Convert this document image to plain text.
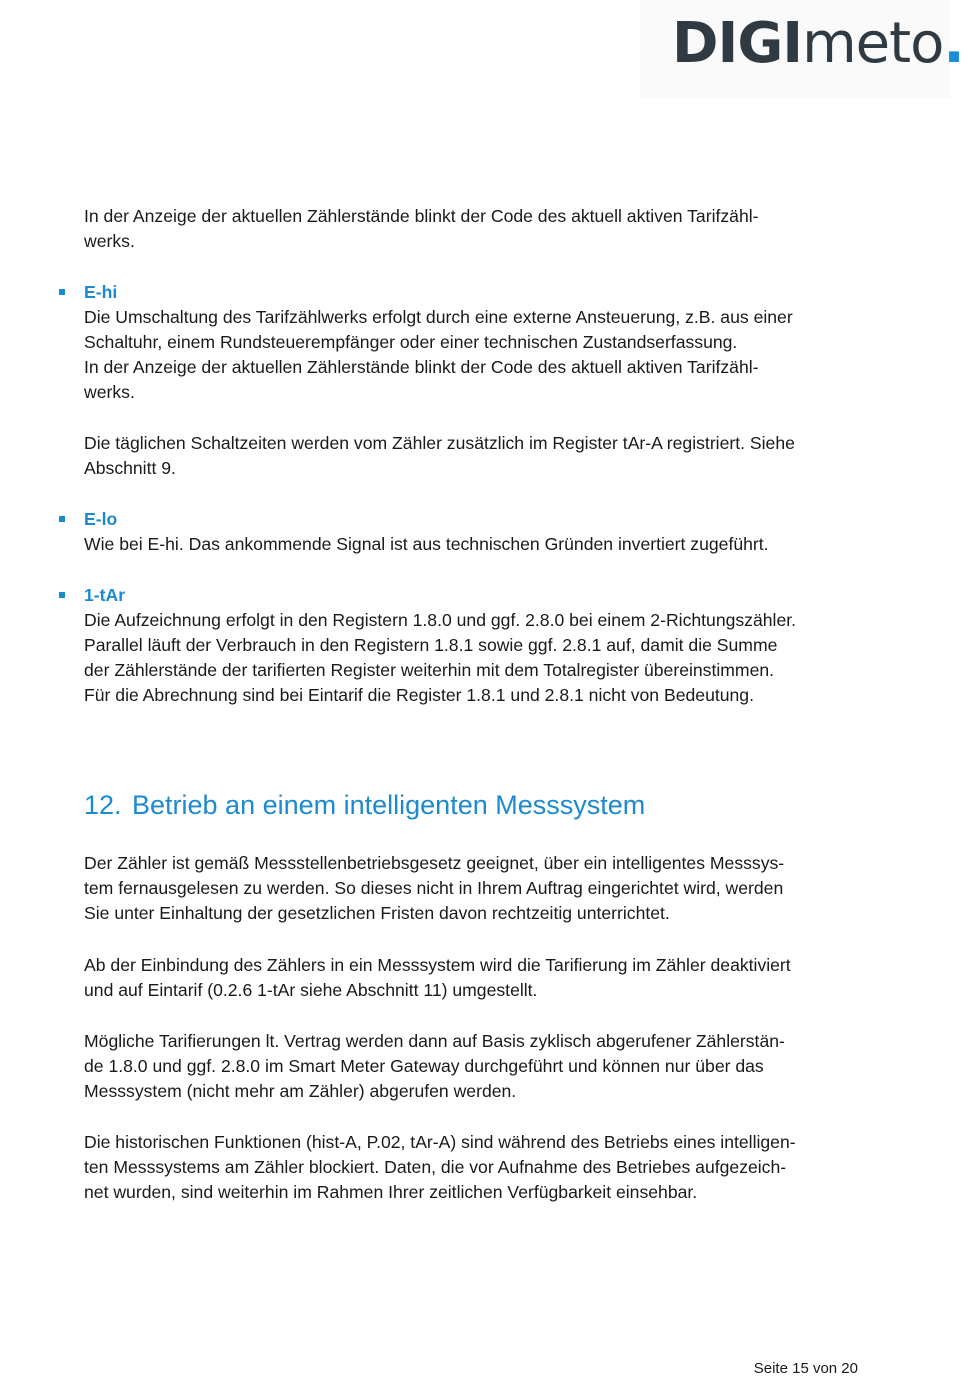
DIGImeto.
In der Anzeige der aktuellen Zählerstände blinkt der Code des aktuell aktiven Tarifzähl-
werks.
E-hi
Die Umschaltung des Tarifzählwerks erfolgt durch eine externe Ansteuerung, z.B. aus einer
Schaltuhr, einem Rundsteuerempfänger oder einer technischen Zustandserfassung.
In der Anzeige der aktuellen Zählerstände blinkt der Code des aktuell aktiven Tarifzähl-
werks.
Die täglichen Schaltzeiten werden vom Zähler zusätzlich im Register tAr-A registriert. Siehe
Abschnitt 9.
E-lo
Wie bei E-hi. Das ankommende Signal ist aus technischen Gründen invertiert zugeführt.
1-tAr
Die Aufzeichnung erfolgt in den Registern 1.8.0 und ggf. 2.8.0 bei einem 2-Richtungszähler.
Parallel läuft der Verbrauch in den Registern 1.8.1 sowie ggf. 2.8.1 auf, damit die Summe
der Zählerstände der tarifierten Register weiterhin mit dem Totalregister übereinstimmen.
Für die Abrechnung sind bei Eintarif die Register 1.8.1 und 2.8.1 nicht von Bedeutung.
12. Betrieb an einem intelligenten Messsystem
Der Zähler ist gemäß Messstellenbetriebsgesetz geeignet, über ein intelligentes Messsys-
tem fernausgelesen zu werden. So dieses nicht in Ihrem Auftrag eingerichtet wird, werden
Sie unter Einhaltung der gesetzlichen Fristen davon rechtzeitig unterrichtet.
Ab der Einbindung des Zählers in ein Messsystem wird die Tarifierung im Zähler deaktiviert
und auf Eintarif (0.2.6 1-tAr siehe Abschnitt 11) umgestellt.
Mögliche Tarifierungen lt. Vertrag werden dann auf Basis zyklisch abgerufener Zählerstän-
de 1.8.0 und ggf. 2.8.0 im Smart Meter Gateway durchgeführt und können nur über das
Messsystem (nicht mehr am Zähler) abgerufen werden.
Die historischen Funktionen (hist-A, P.02, tAr-A) sind während des Betriebs eines intelligen-
ten Messsystems am Zähler blockiert. Daten, die vor Aufnahme des Betriebes aufgezeich-
net wurden, sind weiterhin im Rahmen Ihrer zeitlichen Verfügbarkeit einsehbar.
Seite 15 von 20
